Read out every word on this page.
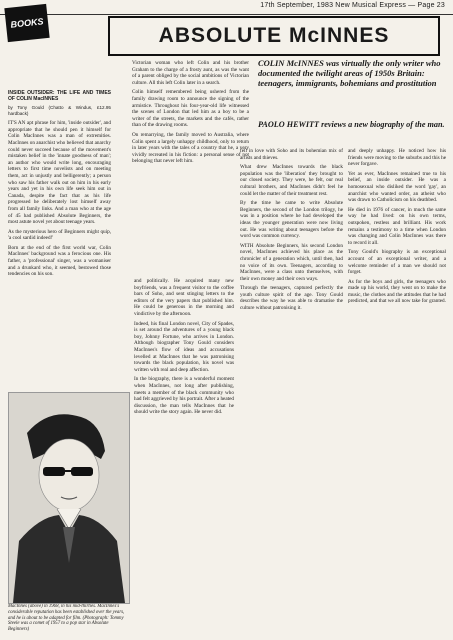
17th September, 1983 New Musical Express — Page 23
BOOKS
ABSOLUTE McINNES
COLIN McINNES was virtually the only writer who documented the twilight areas of 1950s Britain: teenagers, immigrants, bohemians and prostitution
PAOLO HEWITT reviews a new biography of the man.
INSIDE OUTSIDER: THE LIFE AND TIMES OF COLIN MacINNES
by Tony Gould (Chatto & Windus, £12.95 hardback)

IT'S AN apt phrase for him, 'inside outsider', and appropriate that he should pen it himself for Colin MacInnes was a man of extremities. MacInnes on anarchist who believed that anarchy could never succeed because of the movement's mistaken belief in the 'innate goodness of man'; an author who would write long, encouraging letters to first time novelists and on meeting them, act in unjustly and belligerently; a person who saw his father walk out on him in his early years and yet in his own life seek him out in Canada, despite the fact that as his life progressed he deliberately lost himself away from all family links. And a man who at the age of 45 had published Absolute Beginners, the most astute novel yet about teenage years.

As the mysterious hero of Beginners might quip, 'a cool sardid indeed!'

Born at the end of the first world war, Colin MacInnes' background was a ferocious one. His father, a 'professional' singer, was a womaniser and a drunkard who, it seemed, bestowed those tendencies on his son.

Victorian woman who left Colin and his brother Graham to the charge of a frosty aunt, as was the want of a parent obliged by the social ambitions of Victorian culture. All this left Colin later in a search.

Colin himself remembered being ushered from the family drawing room to announce the signing of the armistice. Throughout his four-year-old life witnessed the scenes of London that led him as a boy to be a writer of the streets, the markets and the cafés, rather than of the drawing rooms.

On remarrying, the family moved to Australia, where Colin spent a largely unhappy childhood, only to return in later years with the tales of a country that he, a very vividly recreated in his fiction: a personal sense of not belonging that never left him.

and politically. He acquired many new boyfriends, was a frequent visitor to the coffee bars of Soho, and sent stinging letters to the editors of the very papers that published him. He could be generous in the morning and vindictive by the afternoon.

Indeed, his final London novel, City of Spades, is set around the adventures of a young black boy, Johnny Fortune, who arrives in London. Although biographer Tony Gould considers MacInnes's flow of ideas and accusations levelled at MacInnes that he was patronising towards the black population, his novel was written with real and deep affection.

In the biography, there is a wonderful moment when MacInnes, not long after publishing, meets a member of the black community who had felt aggrieved by his portrait. After a heated discussion, the man tells MacInnes that he should write the story again. He never did.

fell in love with Soho and its bohemian mix of artists and thieves.

What drew MacInnes towards the black population was the 'liberation' they brought to our closed society. They were, he felt, our real cultural brothers, and MacInnes didn't feel he could let the matter of their treatment rest.

By the time he came to write Absolute Beginners, the second of the London trilogy, he was in a position where he had developed the ideas the younger generation were now living out. He was writing about teenagers before the word was common currency.

WITH Absolute Beginners, his second London novel, MacInnes achieved his place as the chronicler of a generation which, until then, had no voice of its own. Teenagers, according to MacInnes, were a class unto themselves, with their own money and their own ways.

Through the teenagers, captured perfectly the youth culture spirit of the age. Tony Gould describes the way he was able to dramatise the culture without patronising it.

and deeply unhappy. He noticed how his friends were moving to the suburbs and this he never forgave.

Yet as ever, MacInnes remained true to his belief, an inside outsider. He was a homosexual who disliked the word 'gay', an anarchist who wanted order, an atheist who was drawn to Catholicism on his deathbed.

He died in 1976 of cancer, in much the same way he had lived: on his own terms, outspoken, restless and brilliant. His work remains a testimony to a time when London was changing and Colin MacInnes was there to record it all.

Tony Gould's biography is an exceptional account of an exceptional writer, and a welcome reminder of a man we should not forget.

As for the boys and girls, the teenagers who made up his world, they went on to make the music, the clothes and the attitudes that he had predicted, and that we all now take for granted.

MacInnes (above) in 1968, in his mid-thirties. MacInnes's considerable reputation has been established over the years, and he is about to be adapted for film. (Photograph: Tommy Steele was a comet of 1957 to a pop star in Absolute Beginners)
